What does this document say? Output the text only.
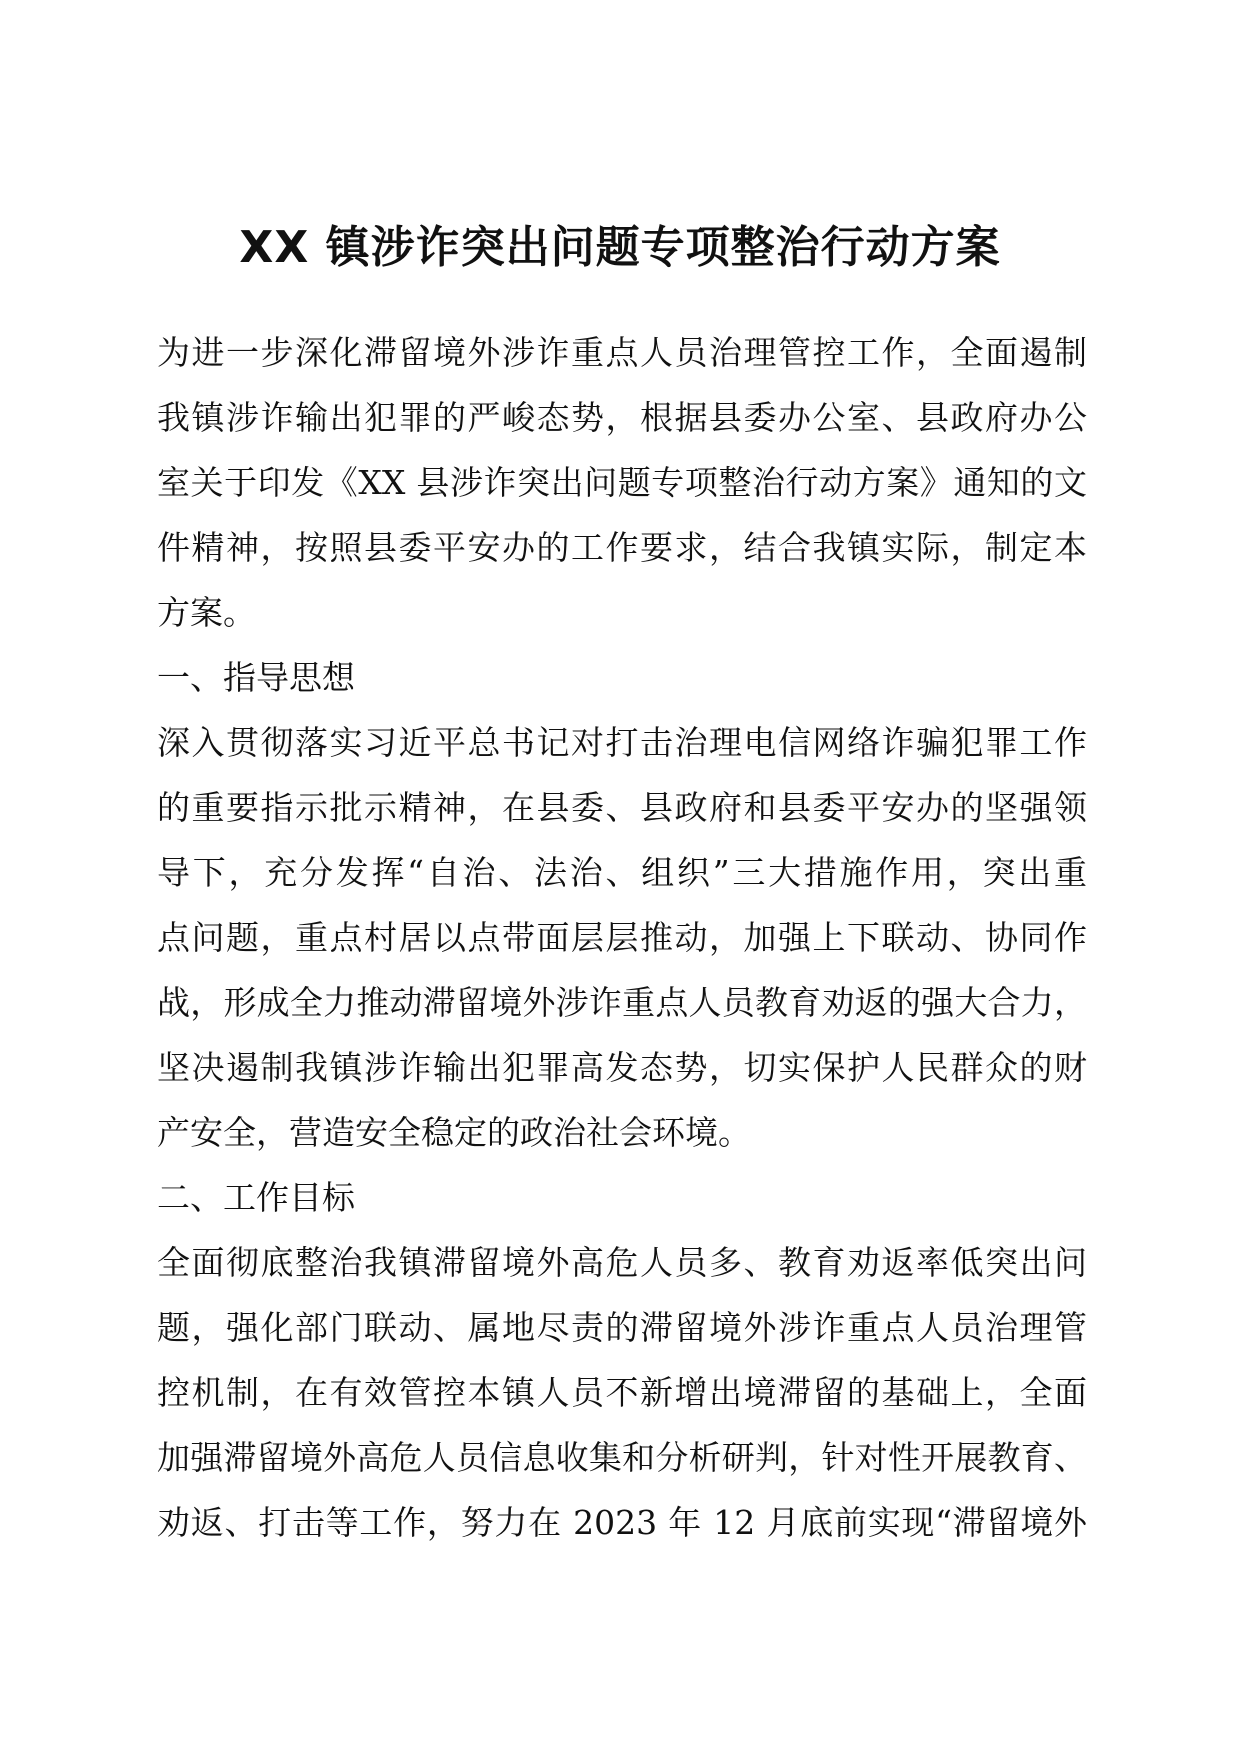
XX 镇涉诈突出问题专项整治行动方案
为进一步深化滞留境外涉诈重点人员治理管控工作，全面遏制
我镇涉诈输出犯罪的严峻态势，根据县委办公室、县政府办公
室关于印发《XX 县涉诈突出问题专项整治行动方案》通知的文
件精神，按照县委平安办的工作要求，结合我镇实际，制定本
方案。
一、指导思想
深入贯彻落实习近平总书记对打击治理电信网络诈骗犯罪工作
的重要指示批示精神，在县委、县政府和县委平安办的坚强领
导下，充分发挥“自治、法治、组织”三大措施作用，突出重
点问题，重点村居以点带面层层推动，加强上下联动、协同作
战，形成全力推动滞留境外涉诈重点人员教育劝返的强大合力，
坚决遏制我镇涉诈输出犯罪高发态势，切实保护人民群众的财
产安全，营造安全稳定的政治社会环境。
二、工作目标
全面彻底整治我镇滞留境外高危人员多、教育劝返率低突出问
题，强化部门联动、属地尽责的滞留境外涉诈重点人员治理管
控机制，在有效管控本镇人员不新增出境滞留的基础上，全面
加强滞留境外高危人员信息收集和分析研判，针对性开展教育、
劝返、打击等工作，努力在 2023 年 12 月底前实现“滞留境外
